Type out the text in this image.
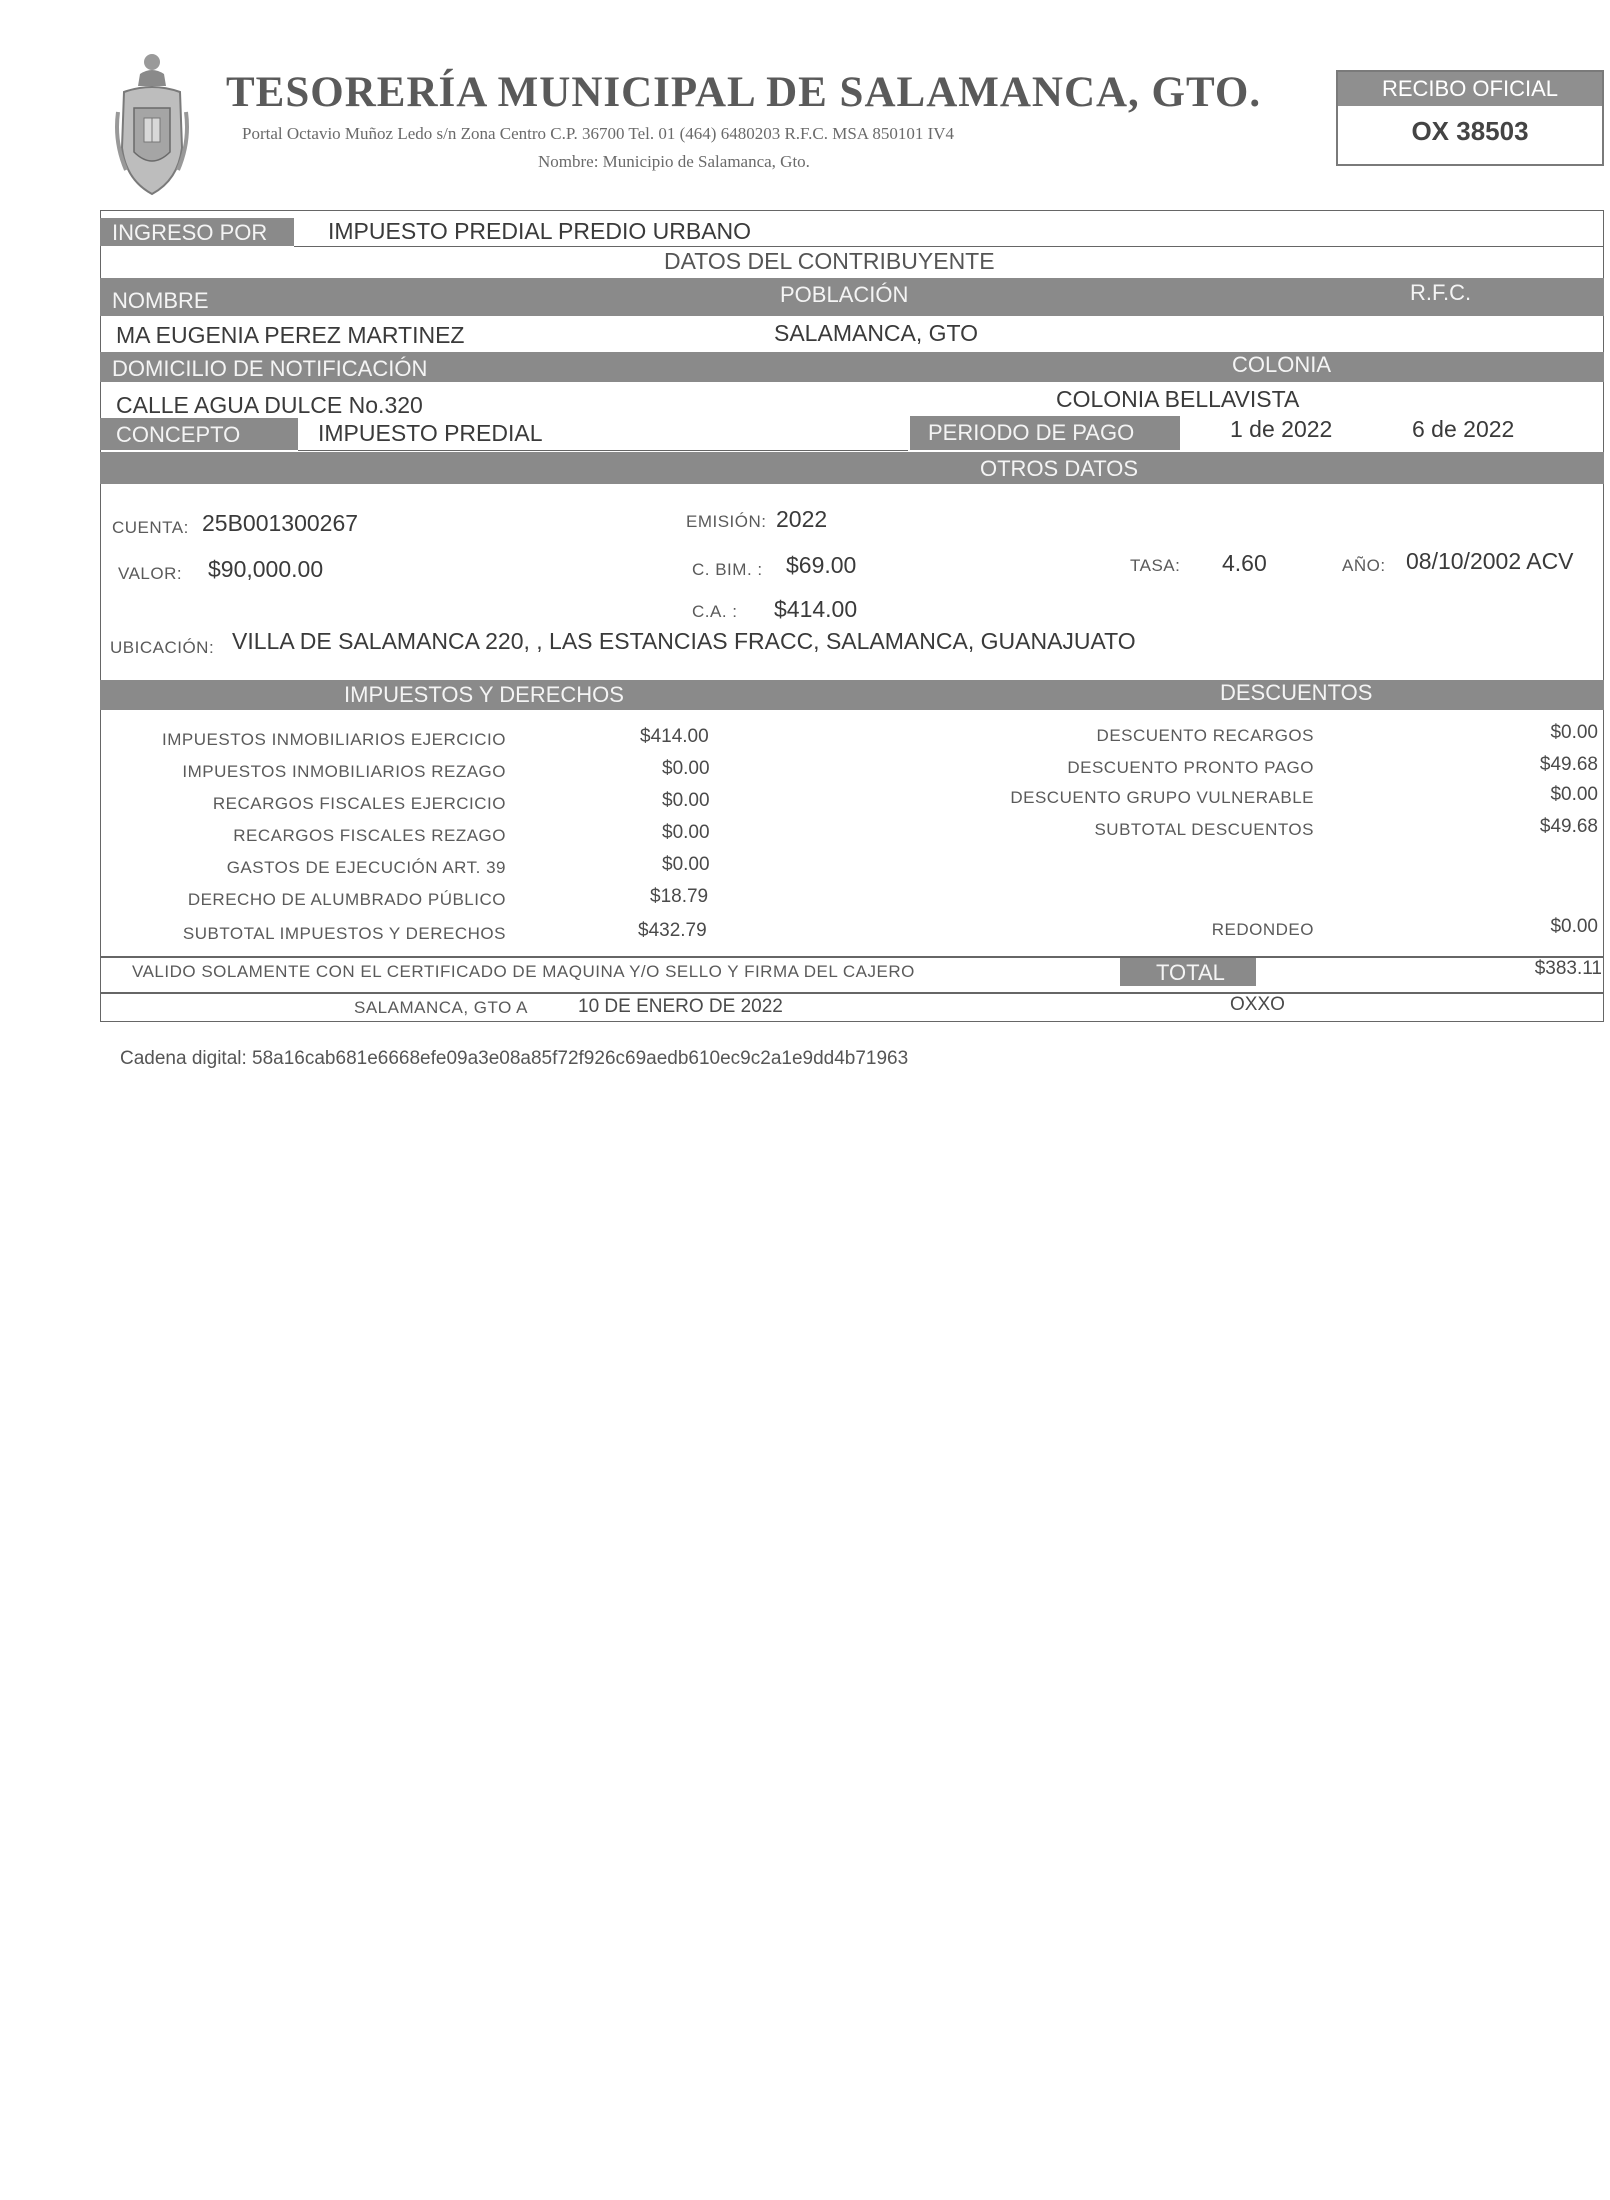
TESORERÍA MUNICIPAL DE SALAMANCA, GTO.
Portal Octavio Muñoz Ledo s/n Zona Centro C.P. 36700 Tel. 01 (464) 6480203 R.F.C. MSA 850101 IV4
Nombre: Municipio de Salamanca, Gto.
RECIBO OFICIAL
OX 38503
INGRESO POR	IMPUESTO PREDIAL PREDIO URBANO
DATOS DEL CONTRIBUYENTE
NOMBRE	POBLACIÓN	R.F.C.
MA EUGENIA PEREZ MARTINEZ	SALAMANCA, GTO
DOMICILIO DE NOTIFICACIÓN	COLONIA
CALLE AGUA DULCE No.320	COLONIA BELLAVISTA
CONCEPTO	IMPUESTO PREDIAL	PERIODO DE PAGO	1 de 2022	6 de 2022
OTROS DATOS
CUENTA: 25B001300267	EMISIÓN: 2022
VALOR: $90,000.00	C. BIM. : $69.00	TASA: 4.60	AÑO: 08/10/2002 ACV
C.A. : $414.00
UBICACIÓN: VILLA DE SALAMANCA 220, , LAS ESTANCIAS FRACC, SALAMANCA, GUANAJUATO
IMPUESTOS Y DERECHOS	DESCUENTOS
IMPUESTOS INMOBILIARIOS EJERCICIO	$414.00
IMPUESTOS INMOBILIARIOS REZAGO	$0.00
RECARGOS FISCALES EJERCICIO	$0.00
RECARGOS FISCALES REZAGO	$0.00
GASTOS DE EJECUCIÓN ART. 39	$0.00
DERECHO DE ALUMBRADO PÚBLICO	$18.79
SUBTOTAL IMPUESTOS Y DERECHOS	$432.79
DESCUENTO RECARGOS	$0.00
DESCUENTO PRONTO PAGO	$49.68
DESCUENTO GRUPO VULNERABLE	$0.00
SUBTOTAL DESCUENTOS	$49.68
REDONDEO	$0.00
VALIDO SOLAMENTE CON EL CERTIFICADO DE MAQUINA Y/O SELLO Y FIRMA DEL CAJERO	TOTAL	$383.11
SALAMANCA, GTO A	10 DE ENERO DE 2022	OXXO
Cadena digital: 58a16cab681e6668efe09a3e08a85f72f926c69aedb610ec9c2a1e9dd4b71963
